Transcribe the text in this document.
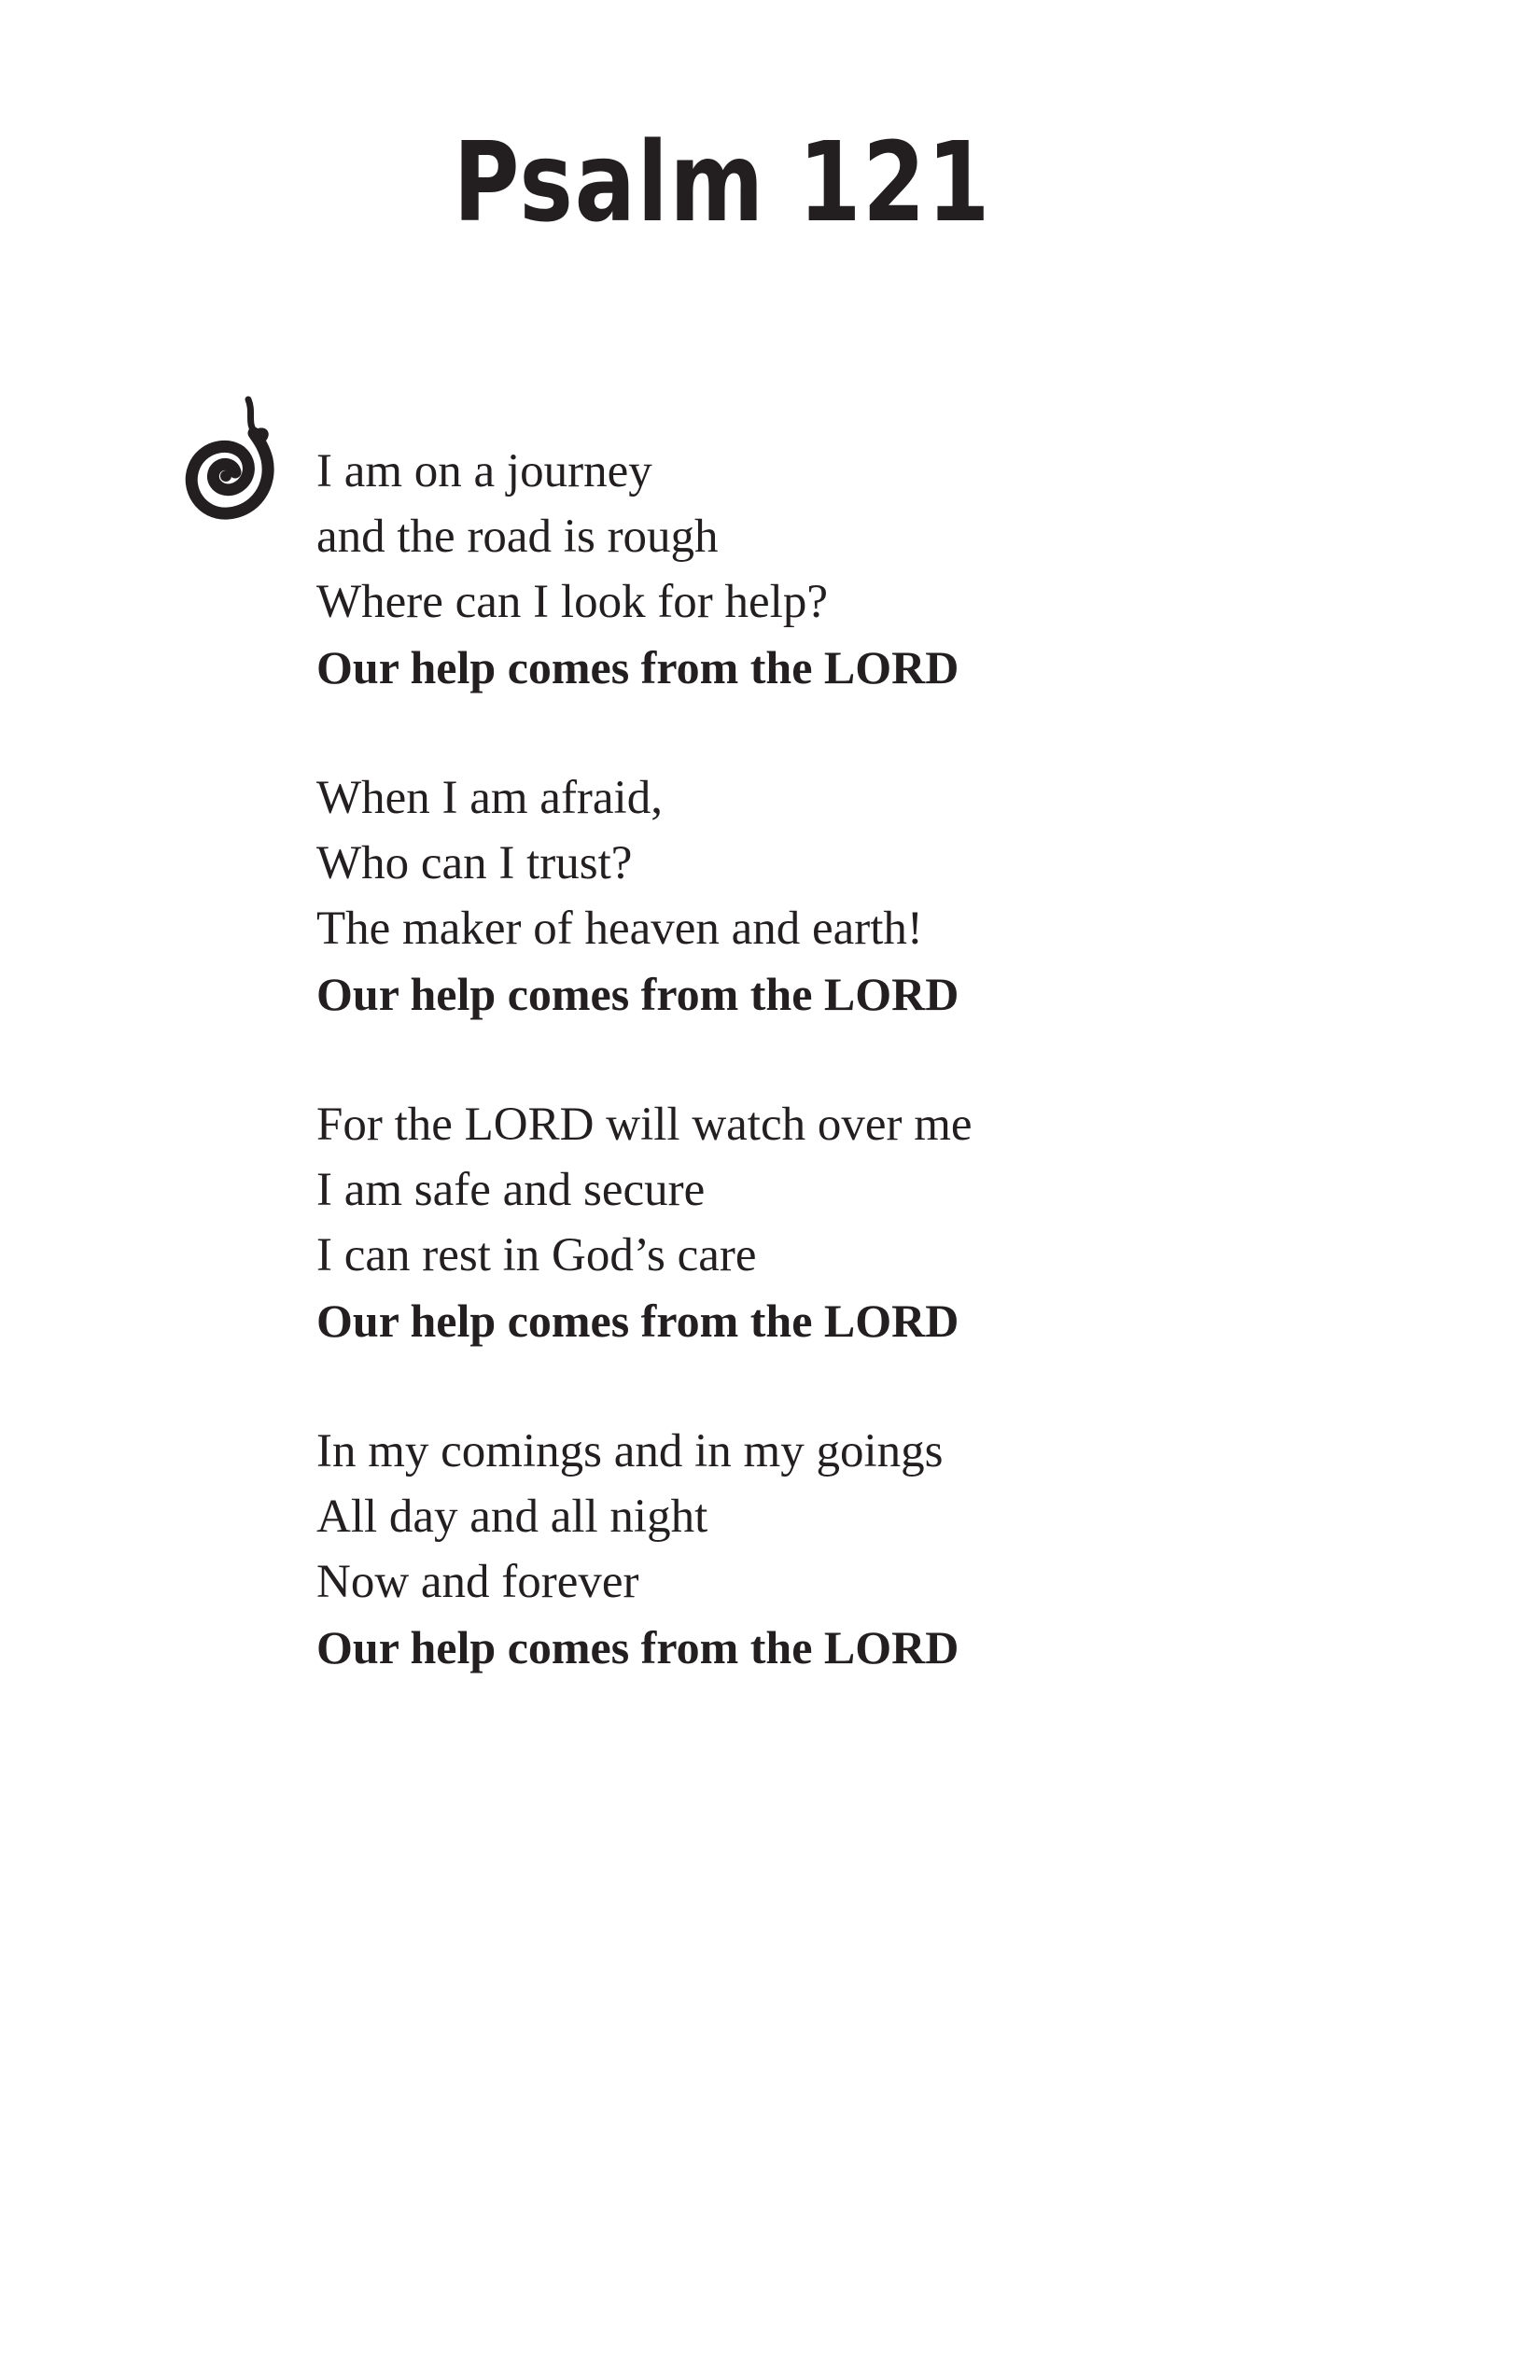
Psalm 121
I am on a journey
and the road is rough
Where can I look for help?
Our help comes from the LORD
When I am afraid,
Who can I trust?
The maker of heaven and earth!
Our help comes from the LORD
For the LORD will watch over me
I am safe and secure
I can rest in God’s care
Our help comes from the LORD
In my comings and in my goings
All day and all night
Now and forever
Our help comes from the LORD
